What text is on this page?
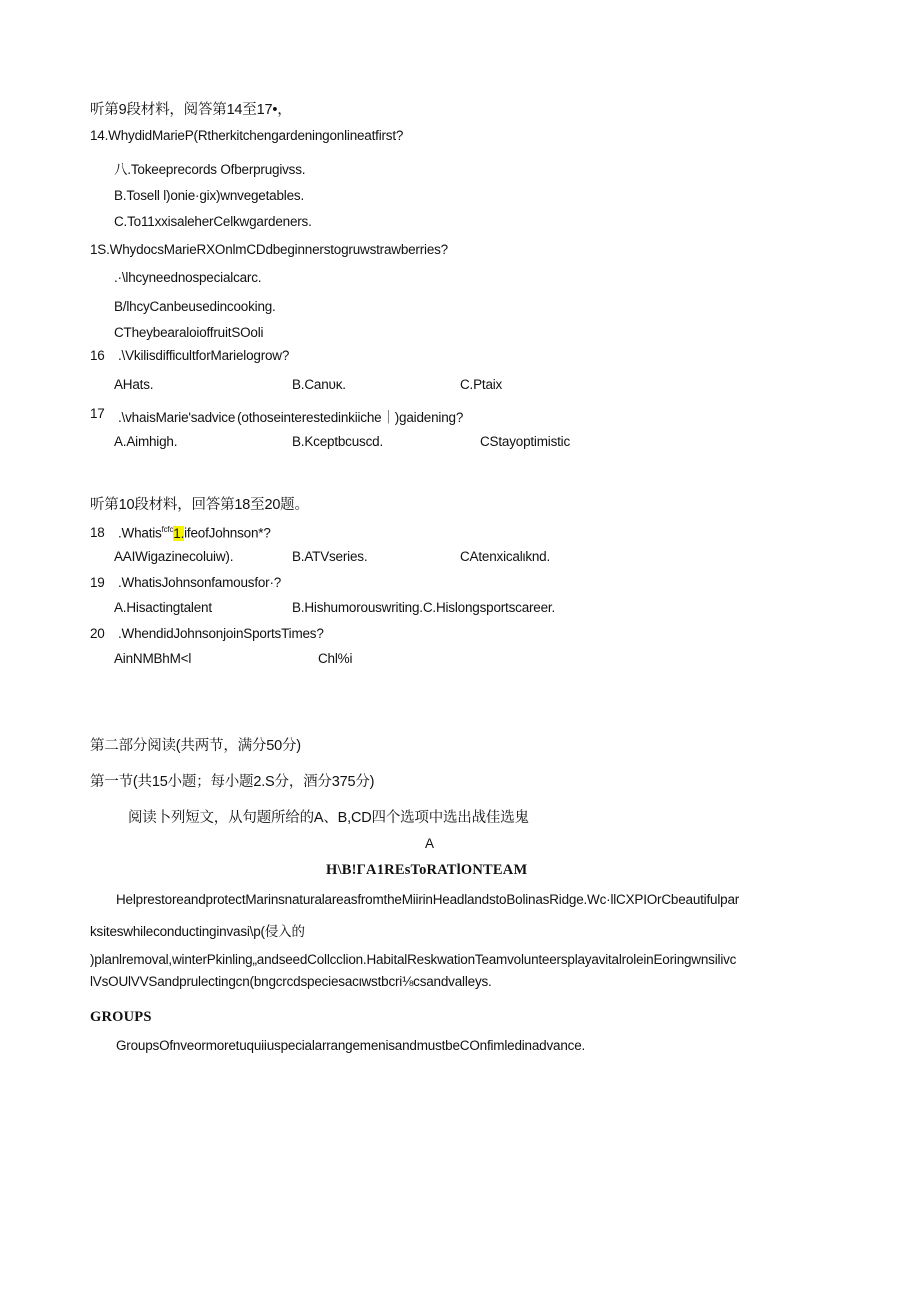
听第9段材料，阅答第14至17•，
14.WhydidMarieP(Rtherkitchengardeningonlineatfirst?
八.Tokeeprecords Ofberprugivss.
B.Tosell l)onie·gix)wnvegetables.
C.To11xxisaleherCelkwgardeners.
1S.WhydocsMarieRXOnlmCDdbeginnerstogruwstrawberries?
.·\lhcyneednospecialcarc.
B/lhcyCanbeusedincooking.
CTheybearaloioffruitSOoli
16 .\VkilisdifficultforMarielogrow?
AHats.	B.Canυκ.	C.Ptaix
17 .\vhaisMarie'sadvice (othoseinterestedinkiiche｜)gaidening?
A.Aimhigh.	B.Kceptbcuscd.	CStayoptimistic
听第10段材料，回答第18至20题。
18 .Whatis$^{fcfc}$1.ifeofJohnson*?
AAIWigazinecoluiw).	B.ATVseries.	CAtenxicalιknd.
19 .WhatisJohnsonfamousfor·?
A.Hisactingtalent	B.Hishumorouswriting.C.Hislongsportscareer.
20 .WhendidJohnsonjoinSportsTimes?
AinNMBhM<l	Chl%i
第二部分阅读(共两节，满分50分)
第一节(共15小题；每小题2.S分，酒分375分)
阅读卜列短文，从句题所给的A、B,CD四个选项中选出战佳选鬼
A
H\B!ΓA1REsToRATlONTEAM
HelprestoreandprotectMarinsnaturalareasfromtheMiirinHeadlandstoBolinasRidge.Wc·llCXPIOrCbeautifulpar
ksiteswhileconductinginvasi\p(侵入的
)planlremoval,winterPkinling„andseedCollcclion.HabitalReskwationTeamvolunteersplayavitalroleinEoringwnsilivc
lVsOUlVVSandprulectingcn(bngcrcdspeciesacιwstbcri⅛csandvalleys.
GROUPS
GroupsOfnveormoretuquiiuspecialarrangemenisandmustbeCOnfimledinadvance.
